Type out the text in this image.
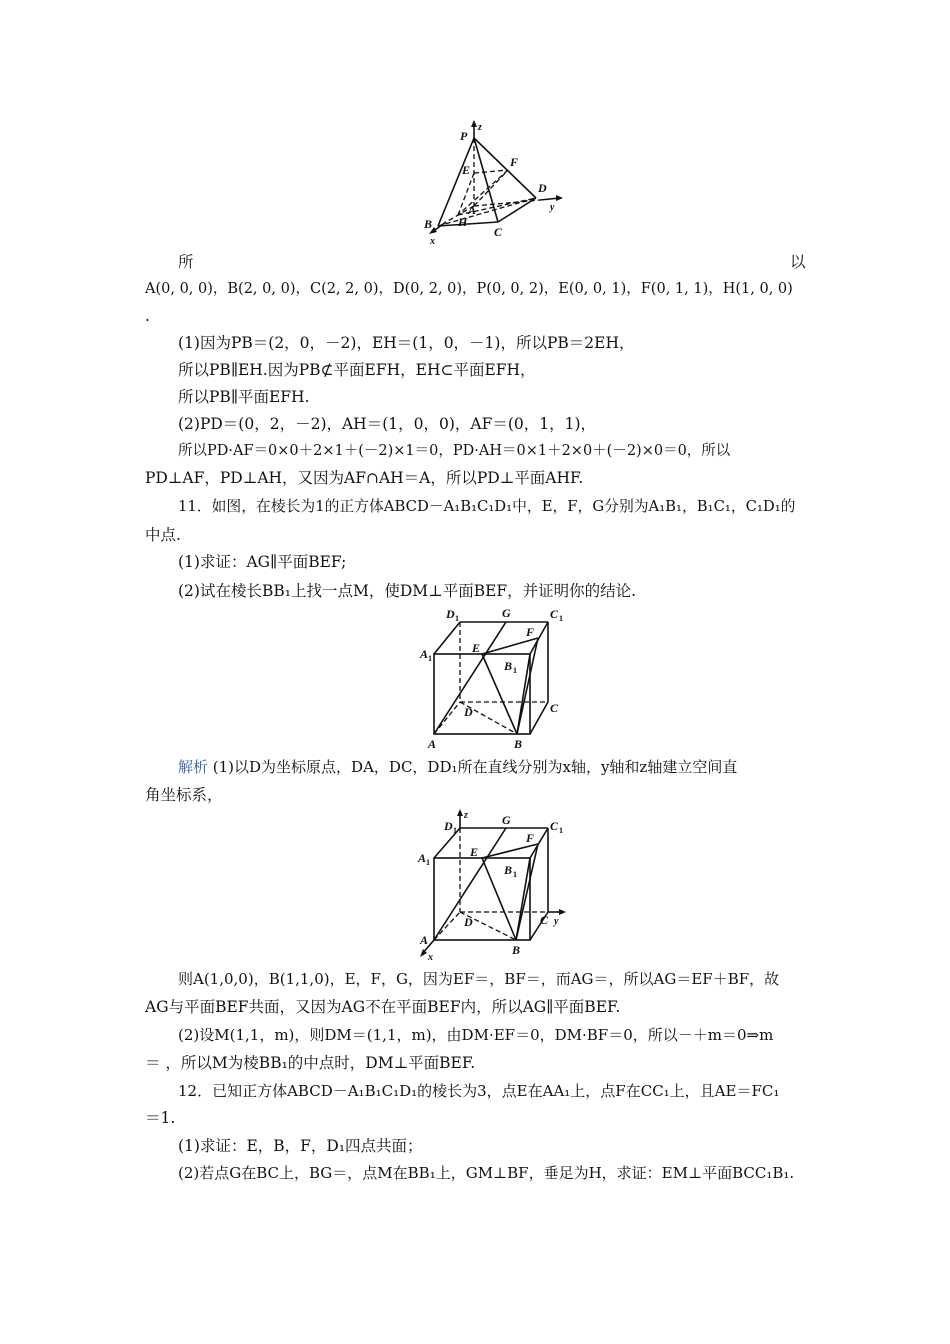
P
z
E
F
D
y
A
H
B
x
C
所	以
A(0, 0, 0)，B(2, 0, 0)，C(2, 2, 0)，D(0, 2, 0)，P(0, 0, 2)，E(0, 0, 1)，F(0, 1, 1)，H(1, 0, 0)
.
(1)因为PB＝(2，0，－2)，EH＝(1，0，－1)，所以PB＝2EH，
所以PB∥EH.因为PB⊄平面EFH，EH⊂平面EFH，
所以PB∥平面EFH.
(2)PD＝(0，2，－2)，AH＝(1，0，0)，AF＝(0，1，1)，
所以PD·AF＝0×0＋2×1＋(－2)×1＝0，PD·AH＝0×1＋2×0＋(－2)×0＝0，所以
PD⊥AF，PD⊥AH，又因为AF∩AH＝A，所以PD⊥平面AHF.
11．如图，在棱长为1的正方体ABCD－A₁B₁C₁D₁中，E，F，G分别为A₁B₁，B₁C₁，C₁D₁的
中点.
(1)求证：AG∥平面BEF;
(2)试在棱长BB₁上找一点M，使DM⊥平面BEF，并证明你的结论.
D 1	G	C 1
A 1
E
F
B 1
D	C
A	B
解析 (1)以D为坐标原点，DA，DC，DD₁所在直线分别为x轴，y轴和z轴建立空间直
角坐标系，
z
D 1
G	C 1
A 1
E
F
B 1
D	C y
A
x
B
则A(1,0,0)，B(1,1,0)，E，F，G，因为EF＝，BF＝，而AG＝，所以AG＝EF＋BF，故
AG与平面BEF共面，又因为AG不在平面BEF内，所以AG∥平面BEF.
(2)设M(1,1，m)，则DM＝(1,1，m)，由DM·EF＝0，DM·BF＝0，所以－＋m＝0⇒m
＝ ，所以M为棱BB₁的中点时，DM⊥平面BEF.
12．已知正方体ABCD－A₁B₁C₁D₁的棱长为3，点E在AA₁上，点F在CC₁上，且AE＝FC₁
＝1.
(1)求证：E，B，F，D₁四点共面；
(2)若点G在BC上，BG＝，点M在BB₁上，GM⊥BF，垂足为H，求证：EM⊥平面BCC₁B₁.
